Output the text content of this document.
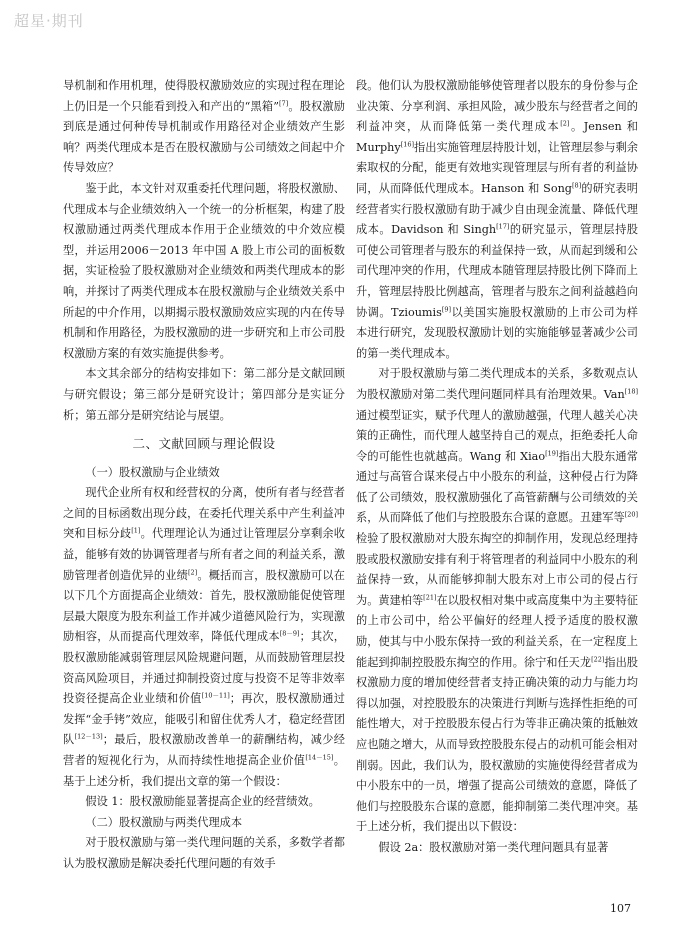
超星·期刊

导机制和作用机理，使得股权激励效应的实现过程在理论上仍旧是一个只能看到投入和产出的“黑箱”[7]。股权激励到底是通过何种传导机制或作用路径对企业绩效产生影响？两类代理成本是否在股权激励与公司绩效之间起中介传导效应？

鉴于此，本文针对双重委托代理问题，将股权激励、代理成本与企业绩效纳入一个统一的分析框架，构建了股权激励通过两类代理成本作用于企业绩效的中介效应模型，并运用2006－2013 年中国 A 股上市公司的面板数据，实证检验了股权激励对企业绩效和两类代理成本的影响，并探讨了两类代理成本在股权激励与企业绩效关系中所起的中介作用，以期揭示股权激励效应实现的内在传导机制和作用路径，为股权激励的进一步研究和上市公司股权激励方案的有效实施提供参考。

本文其余部分的结构安排如下：第二部分是文献回顾与研究假设；第三部分是研究设计；第四部分是实证分析；第五部分是研究结论与展望。

二、文献回顾与理论假设

（一）股权激励与企业绩效

现代企业所有权和经营权的分离，使所有者与经营者之间的目标函数出现分歧，在委托代理关系中产生利益冲突和目标分歧[1]。代理理论认为通过让管理层分享剩余收益，能够有效的协调管理者与所有者之间的利益关系，激励管理者创造优异的业绩[2]。概括而言，股权激励可以在以下几个方面提高企业绩效：首先，股权激励能促使管理层最大限度为股东利益工作并减少道德风险行为，实现激励相容，从而提高代理效率，降低代理成本[8－9]；其次，股权激励能减弱管理层风险规避问题，从而鼓励管理层投资高风险项目，并通过抑制投资过度与投资不足等非效率投资径提高企业业绩和价值[10－11]；再次，股权激励通过发挥“金手铐”效应，能吸引和留住优秀人才，稳定经营团队[12－13]；最后，股权激励改善单一的薪酬结构，减少经营者的短视化行为，从而持续性地提高企业价值[14－15]。基于上述分析，我们提出文章的第一个假设：

假设 1：股权激励能显著提高企业的经营绩效。

（二）股权激励与两类代理成本

对于股权激励与第一类代理问题的关系，多数学者都认为股权激励是解决委托代理问题的有效手

段。他们认为股权激励能够使管理者以股东的身份参与企业决策、分享利润、承担风险，减少股东与经营者之间的利益冲突，从而降低第一类代理成本[2]。Jensen 和 Murphy[16]指出实施管理层持股计划，让管理层参与剩余索取权的分配，能更有效地实现管理层与所有者的利益协同，从而降低代理成本。Hanson 和 Song[8]的研究表明经营者实行股权激励有助于减少自由现金流量、降低代理成本。Davidson 和 Singh[17]的研究显示，管理层持股可使公司管理者与股东的利益保持一致，从而起到缓和公司代理冲突的作用，代理成本随管理层持股比例下降而上升，管理层持股比例越高，管理者与股东之间利益越趋向协调。Tzioumis[9]以美国实施股权激励的上市公司为样本进行研究，发现股权激励计划的实施能够显著减少公司的第一类代理成本。

对于股权激励与第二类代理成本的关系，多数观点认为股权激励对第二类代理问题同样具有治理效果。Van[18]通过模型证实，赋予代理人的激励越强，代理人越关心决策的正确性，而代理人越坚持自己的观点，拒绝委托人命令的可能性也就越高。Wang 和 Xiao[19]指出大股东通常通过与高管合谋来侵占中小股东的利益，这种侵占行为降低了公司绩效，股权激励强化了高管薪酬与公司绩效的关系，从而降低了他们与控股股东合谋的意愿。丑建军等[20]检验了股权激励对大股东掏空的抑制作用，发现总经理持股或股权激励安排有利于将管理者的利益同中小股东的利益保持一致，从而能够抑制大股东对上市公司的侵占行为。黄建柏等[21]在以股权相对集中或高度集中为主要特征的上市公司中，给公平偏好的经理人授予适度的股权激励，使其与中小股东保持一致的利益关系，在一定程度上能起到抑制控股股东掏空的作用。徐宁和任天龙[22]指出股权激励力度的增加使经营者支持正确决策的动力与能力均得以加强，对控股股东的决策进行判断与选择性拒绝的可能性增大，对于控股股东侵占行为等非正确决策的抵触效应也随之增大，从而导致控股股东侵占的动机可能会相对削弱。因此，我们认为，股权激励的实施使得经营者成为中小股东中的一员，增强了提高公司绩效的意愿，降低了他们与控股股东合谋的意愿，能抑制第二类代理冲突。基于上述分析，我们提出以下假设：

假设 2a：股权激励对第一类代理问题具有显著

107
